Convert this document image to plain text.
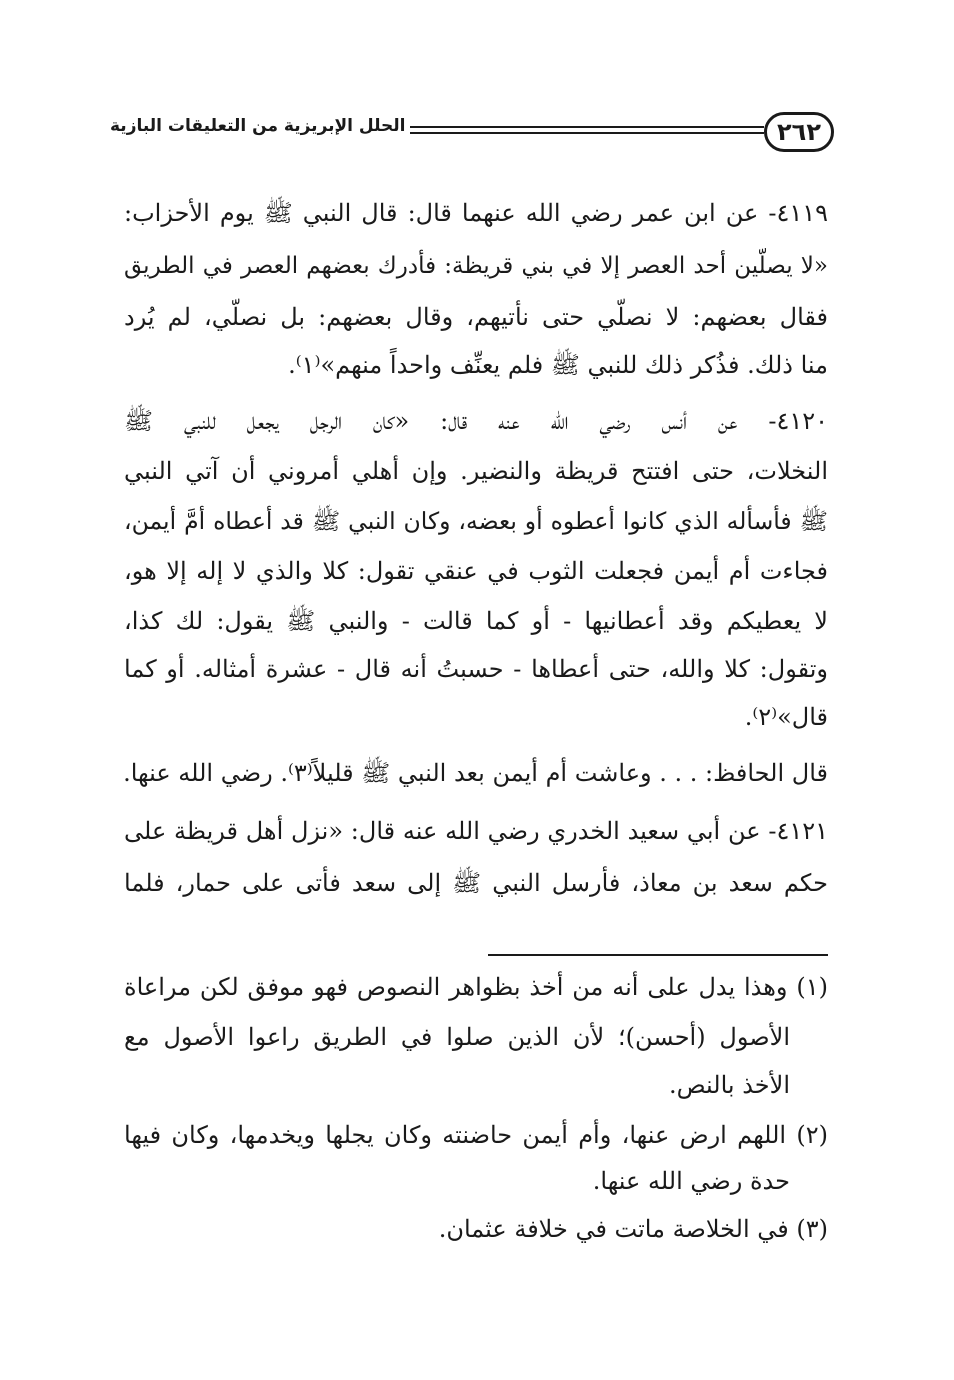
٢٦٢
الحلل الإبريزية من التعليقات البازية
٤١١٩- عن ابن عمر رضي الله عنهما قال: قال النبي ﷺ يوم الأحزاب:
«لا يصلّين أحد العصر إلا في بني قريظة: فأدرك بعضهم العصر في الطريق
فقال بعضهم: لا نصلّي حتى نأتيهم، وقال بعضهم: بل نصلّي، لم يُرد
منا ذلك. فذُكر ذلك للنبي ﷺ فلم يعنِّف واحداً منهم»⁽١⁾.
٤١٢٠- عن أنس رضي الله عنه قال: «كان الرجل يجعل للنبي ﷺ
النخلات، حتى افتتح قريظة والنضير. وإن أهلي أمروني أن آتي النبي
ﷺ فأسأله الذي كانوا أعطوه أو بعضه، وكان النبي ﷺ قد أعطاه أمَّ أيمن،
فجاءت أم أيمن فجعلت الثوب في عنقي تقول: كلا والذي لا إله إلا هو،
لا يعطيكم وقد أعطانيها - أو كما قالت - والنبي ﷺ يقول: لك كذا،
وتقول: كلا والله، حتى أعطاها - حسبتُ أنه قال - عشرة أمثاله. أو كما
قال»⁽٢⁾.
قال الحافظ: . . . وعاشت أم أيمن بعد النبي ﷺ قليلاً⁽٣⁾. رضي الله عنها.
٤١٢١- عن أبي سعيد الخدري رضي الله عنه قال: «نزل أهل قريظة على
حكم سعد بن معاذ، فأرسل النبي ﷺ إلى سعد فأتى على حمار، فلما
(١) وهذا يدل على أنه من أخذ بظواهر النصوص فهو موفق لكن مراعاة
الأصول (أحسن)؛ لأن الذين صلوا في الطريق راعوا الأصول مع
الأخذ بالنص.
(٢) اللهم ارض عنها، وأم أيمن حاضنته وكان يجلها ويخدمها، وكان فيها
حدة رضي الله عنها.
(٣) في الخلاصة ماتت في خلافة عثمان.
